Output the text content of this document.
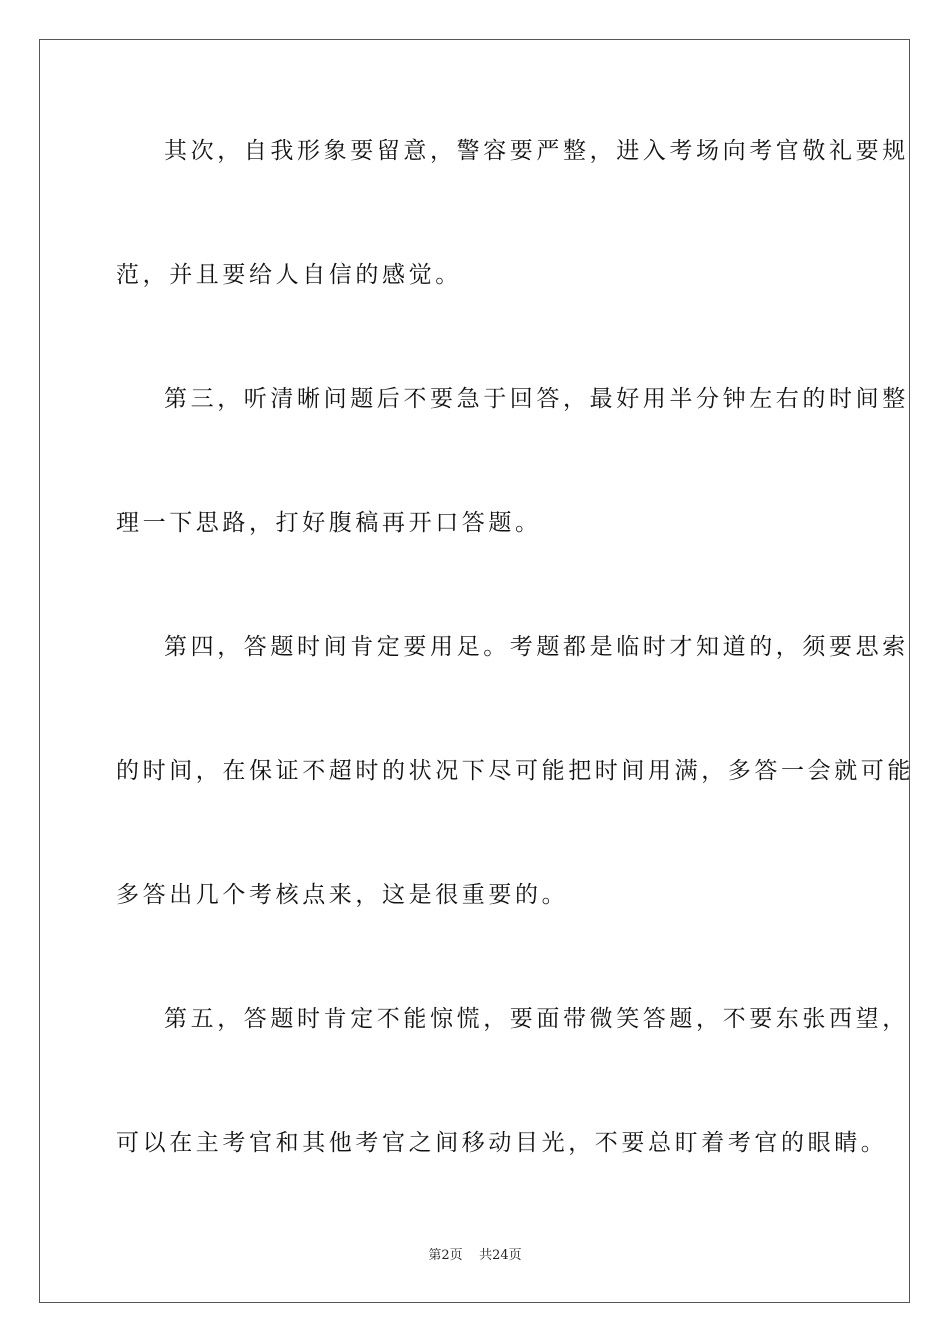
其次，自我形象要留意，警容要严整，进入考场向考官敬礼要规
范，并且要给人自信的感觉。
第三，听清晰问题后不要急于回答，最好用半分钟左右的时间整
理一下思路，打好腹稿再开口答题。
第四，答题时间肯定要用足。考题都是临时才知道的，须要思索
的时间，在保证不超时的状况下尽可能把时间用满，多答一会就可能
多答出几个考核点来，这是很重要的。
第五，答题时肯定不能惊慌，要面带微笑答题，不要东张西望，
可以在主考官和其他考官之间移动目光，不要总盯着考官的眼睛。
第2页 共24页
